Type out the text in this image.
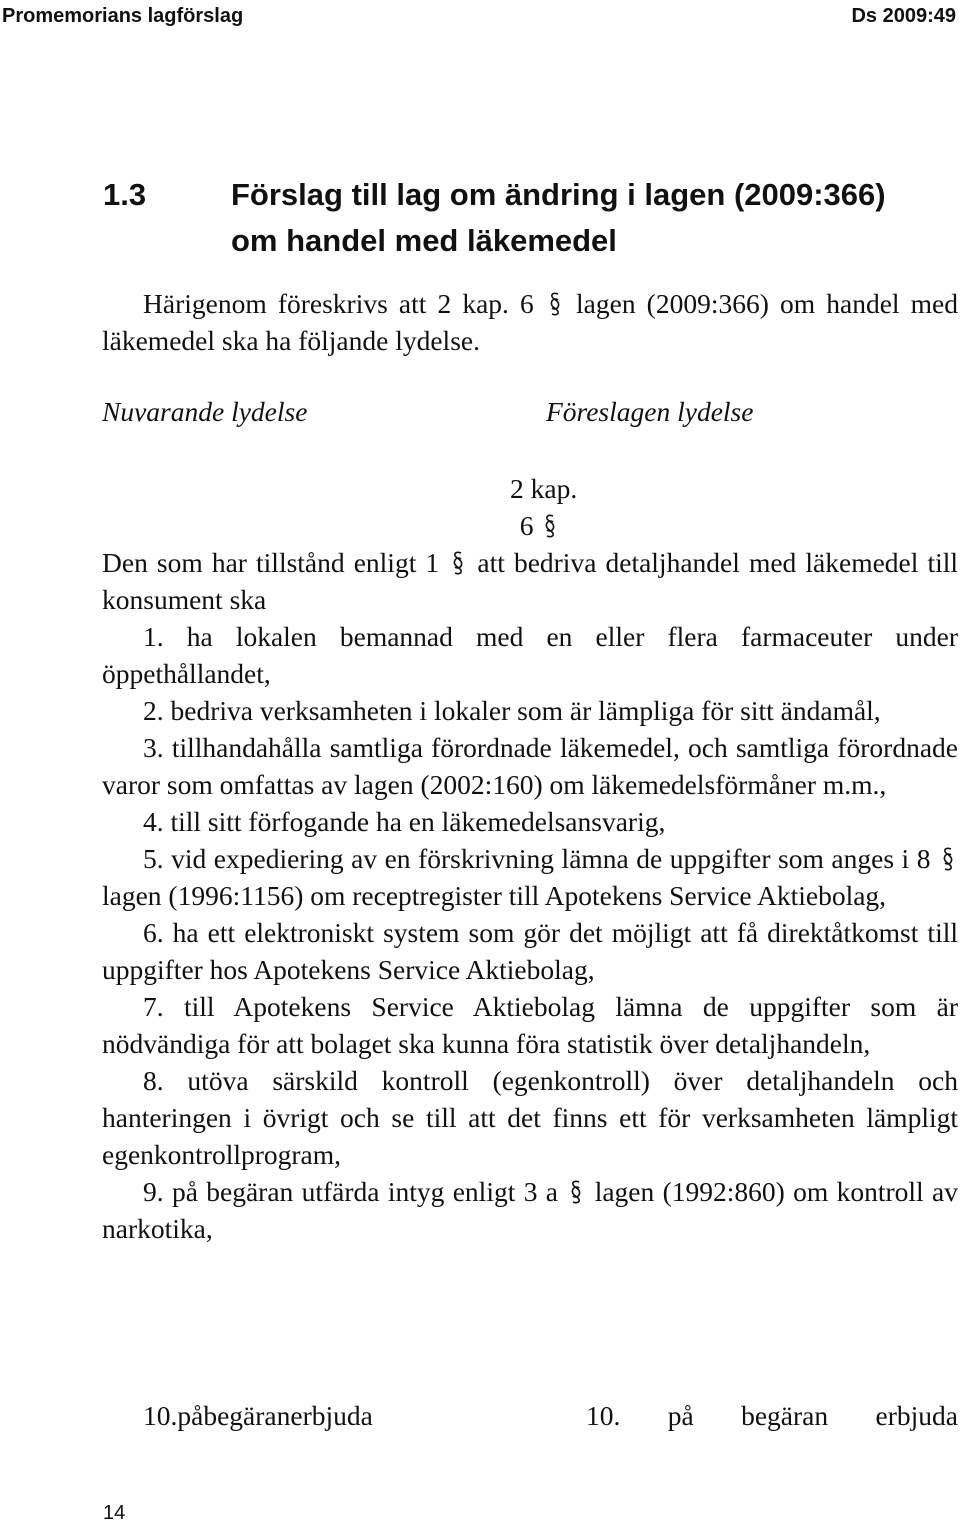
Promemorians lagförslag	Ds 2009:49
1.3	Förslag till lag om ändring i lagen (2009:366)
om handel med läkemedel

Härigenom föreskrivs att 2 kap. 6 lagen (2009:366) om handel med läkemedel ska ha följande lydelse.

Nuvarande lydelse	Föreslagen lydelse
2 kap.
6

Den som har tillstånd enligt 1 att bedriva detaljhandel med läkemedel till konsument ska

1. ha lokalen bemannad med en eller flera farmaceuter under öppethållandet,

2. bedriva verksamheten i lokaler som är lämpliga för sitt ändamål,

3. tillhandahålla samtliga förordnade läkemedel, och samtliga förordnade varor som omfattas av lagen (2002:160) om läkemedelsförmåner m.m.,

4. till sitt förfogande ha en läkemedelsansvarig,

5. vid expediering av en förskrivning lämna de uppgifter som anges i 8  lagen (1996:1156) om receptregister till Apotekens Service Aktiebolag,

6. ha ett elektroniskt system som gör det möjligt att få direktåtkomst till uppgifter hos Apotekens Service Aktiebolag,

7. till Apotekens Service Aktiebolag lämna de uppgifter som är nödvändiga för att bolaget ska kunna föra statistik över detaljhandeln,

8. utöva särskild kontroll (egenkontroll) över detaljhandeln och hanteringen i övrigt och se till att det finns ett för verksamheten lämpligt egenkontrollprogram,

9. på begäran utfärda intyg enligt 3 a lagen (1992:860) om kontroll av narkotika,

10. på begäran erbjuda	10. på begäran erbjuda
14
